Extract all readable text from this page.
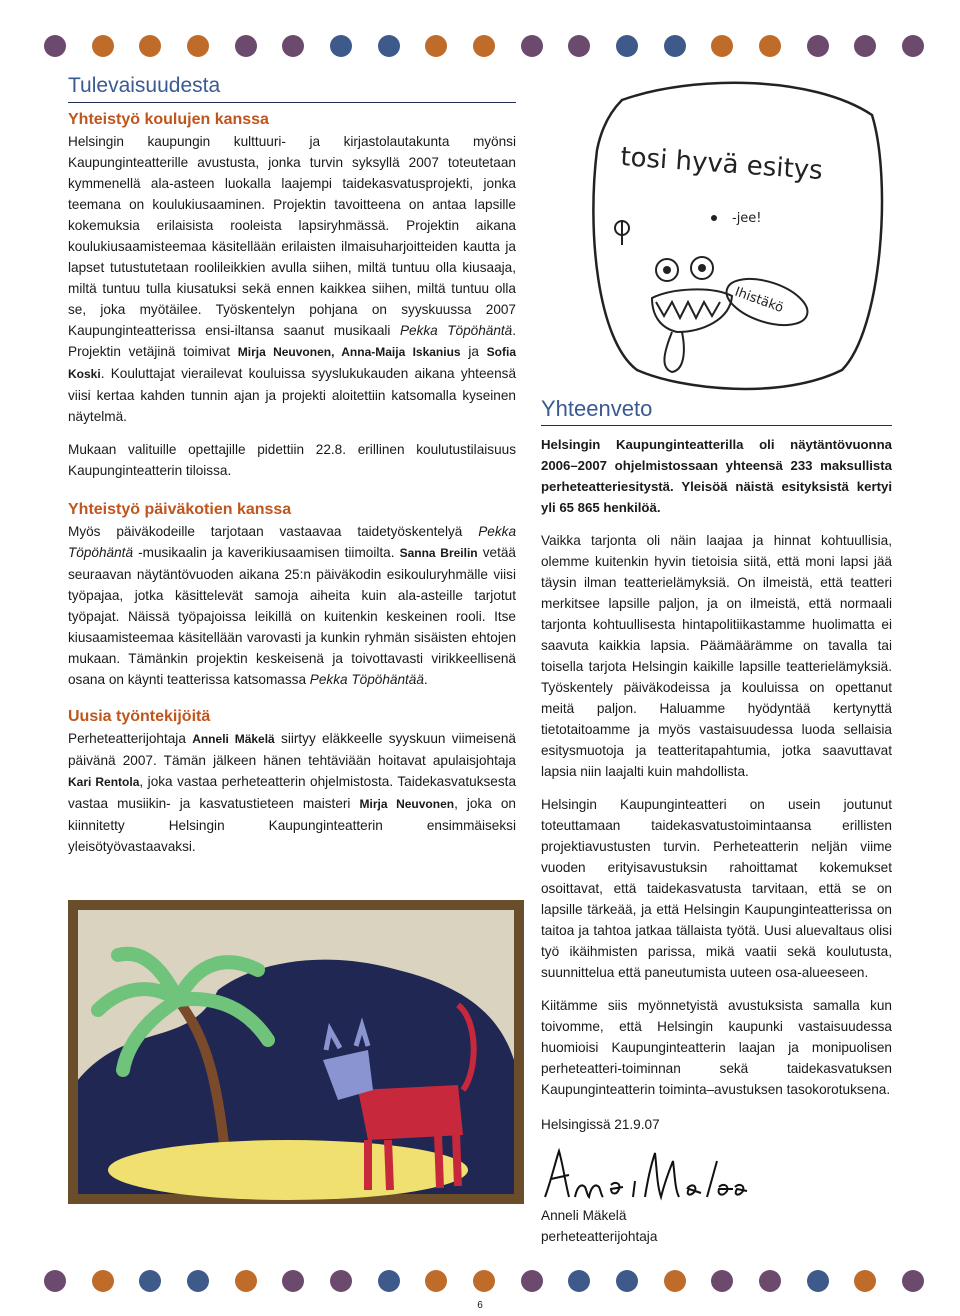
Tulevaisuudesta
Yhteistyö koulujen kanssa

Helsingin kaupungin kulttuuri- ja kirjastolautakunta myönsi Kaupunginteatterille avustusta, jonka turvin syksyllä 2007 toteutetaan kymmenellä ala-asteen luokalla laajempi taidekasvatusprojekti, jonka teemana on koulukiusaaminen. Projektin tavoitteena on antaa lapsille kokemuksia erilaisista rooleista lapsiryhmässä. Projektin aikana koulukiusaamisteemaa käsitellään erilaisten ilmaisuharjoitteiden kautta ja lapset tutustutetaan roolileikkien avulla siihen, miltä tuntuu olla kiusaaja, miltä tuntuu tulla kiusatuksi sekä ennen kaikkea siihen, miltä tuntuu olla se, joka myötäilee. Työskentelyn pohjana on syyskuussa 2007 Kaupunginteatterissa ensi-iltansa saanut musikaali Pekka Töpöhäntä. Projektin vetäjinä toimivat Mirja Neuvonen, Anna-Maija Iskanius ja Sofia Koski. Kouluttajat vierailevat kouluissa syyslukukauden aikana yhteensä viisi kertaa kahden tunnin ajan ja projekti aloitettiin katsomalla kyseinen näytelmä.

Mukaan valituille opettajille pidettiin 22.8. erillinen koulutustilaisuus Kaupunginteatterin tiloissa.

Yhteistyö päiväkotien kanssa

Myös päiväkodeille tarjotaan vastaavaa taidetyöskentelyä Pekka Töpöhäntä -musikaalin ja kaverikiusaamisen tiimoilta. Sanna Breilin vetää seuraavan näytäntövuoden aikana 25:n päiväkodin esikouluryhmälle viisi työpajaa, jotka käsittelevät samoja aiheita kuin ala-asteille tarjotut työpajat. Näissä työpajoissa leikillä on kuitenkin keskeinen rooli. Itse kiusaamisteemaa käsitellään varovasti ja kunkin ryhmän sisäisten ehtojen mukaan. Tämänkin projektin keskeisenä ja toivottavasti virikkeellisenä osana on käynti teatterissa katsomassa Pekka Töpöhäntää.

Uusia työntekijöitä

Perheteatterijohtaja Anneli Mäkelä siirtyy eläkkeelle syyskuun viimeisenä päivänä 2007. Tämän jälkeen hänen tehtäviään hoitavat apulaisjohtaja Kari Rentola, joka vastaa perheteatterin ohjelmistosta. Taidekasvatuksesta vastaa musiikin- ja kasvatustieteen maisteri Mirja Neuvonen, joka on kiinnitetty Helsingin Kaupunginteatterin ensimmäiseksi yleisötyövastaavaksi.

tosi hyvä esitys
-jee!
Ihistäkö
Yhteenveto

Helsingin Kaupunginteatterilla oli näytäntövuonna 2006–2007 ohjelmistossaan yhteensä 233 maksullista perheteatteriesitystä. Yleisöä näistä esityksistä kertyi yli 65 865 henkilöä.

Vaikka tarjonta oli näin laajaa ja hinnat kohtuullisia, olemme kuitenkin hyvin tietoisia siitä, että moni lapsi jää täysin ilman teatterielämyksiä. On ilmeistä, että teatteri merkitsee lapsille paljon, ja on ilmeistä, että normaali tarjonta kohtuullisesta hintapolitiikastamme huolimatta ei saavuta kaikkia lapsia. Päämäärämme on tavalla tai toisella tarjota Helsingin kaikille lapsille teatterielämyksiä. Työskentely päiväkodeissa ja kouluissa on opettanut meitä paljon. Haluamme hyödyntää kertynyttä tietotaitoamme ja myös vastaisuudessa luoda sellaisia esitysmuotoja ja teatteritapahtumia, jotka saavuttavat lapsia niin laajalti kuin mahdollista.

Helsingin Kaupunginteatteri on usein joutunut toteuttamaan taidekasvatustoimintaansa erillisten projektiavustusten turvin. Perheteatterin neljän viime vuoden erityisavustuksin rahoittamat kokemukset osoittavat, että taidekasvatusta tarvitaan, että se on lapsille tärkeää, ja että Helsingin Kaupunginteatterissa on taitoa ja tahtoa jatkaa tällaista työtä. Uusi aluevaltaus olisi työ ikäihmisten parissa, mikä vaatii sekä koulutusta, suunnittelua että paneutumista uuteen osa-alueeseen.

Kiitämme siis myönnetyistä avustuksista samalla kun toivomme, että Helsingin kaupunki vastaisuudessa huomioisi Kaupunginteatterin laajan ja monipuolisen perheteatteri-toiminnan sekä taidekasvatuksen Kaupunginteatterin toiminta–avustuksen tasokorotuksena.

Helsingissä 21.9.07

Anneli Mäkelä

perheteatterijohtaja

6
